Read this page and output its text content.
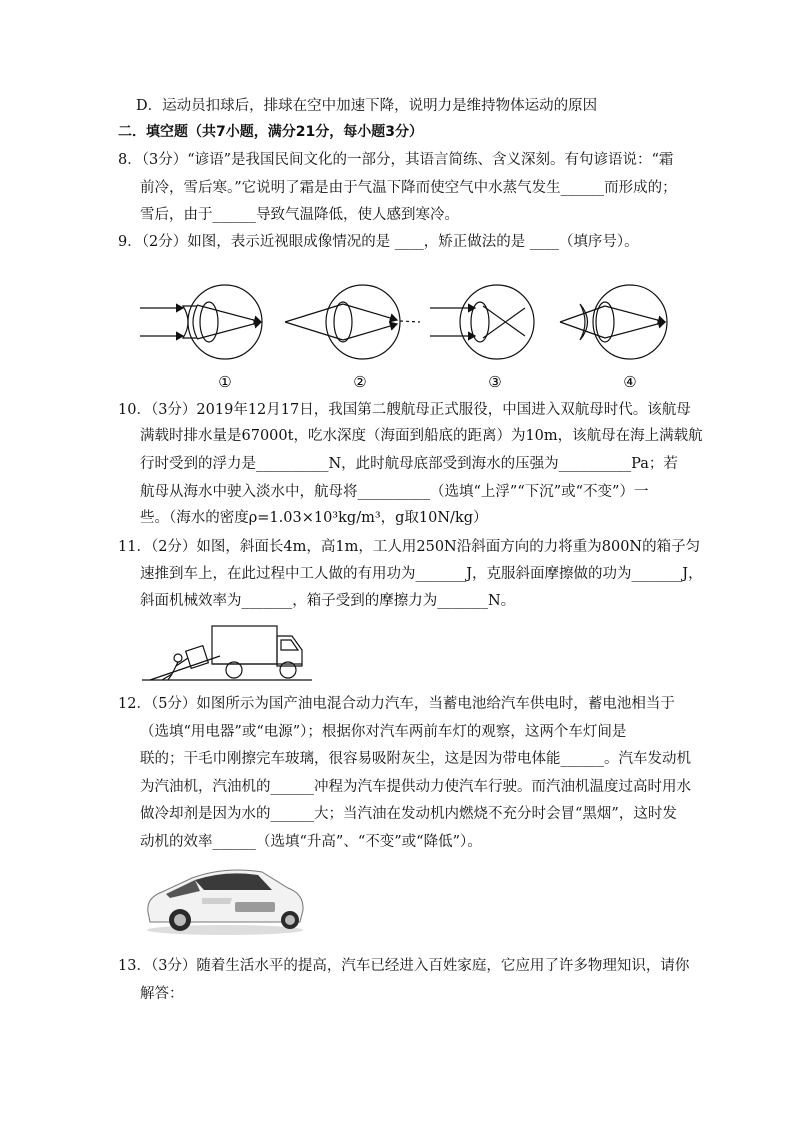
D．运动员扣球后，排球在空中加速下降，说明力是维持物体运动的原因
二．填空题（共7小题，满分21分，每小题3分）
8．（3分）“谚语”是我国民间文化的一部分，其语言简练、含义深刻。有句谚语说：“霜
前冷，雪后寒。”它说明了霜是由于气温下降而使空气中水蒸气发生______而形成的；
雪后，由于______导致气温降低，使人感到寒冷。
9．（2分）如图，表示近视眼成像情况的是 ____，矫正做法的是 ____（填序号）。
①	②	③	④
10．（3分）2019年12月17日，我国第二艘航母正式服役，中国进入双航母时代。该航母
满载时排水量是67000t，吃水深度（海面到船底的距离）为10m，该航母在海上满载航
行时受到的浮力是__________N，此时航母底部受到海水的压强为__________Pa；若
航母从海水中驶入淡水中，航母将__________（选填“上浮”“下沉”或“不变”）一
些。（海水的密度ρ=1.03×10³kg/m³，g取10N/kg）
11．（2分）如图，斜面长4m，高1m，工人用250N沿斜面方向的力将重为800N的箱子匀
速推到车上，在此过程中工人做的有用功为_______J，克服斜面摩擦做的功为_______J，
斜面机械效率为_______，箱子受到的摩擦力为_______N。
12．（5分）如图所示为国产油电混合动力汽车，当蓄电池给汽车供电时，蓄电池相当于
（选填“用电器”或“电源”）；根据你对汽车两前车灯的观察，这两个车灯间是
联的；干毛巾刚擦完车玻璃，很容易吸附灰尘，这是因为带电体能______。汽车发动机
为汽油机，汽油机的______冲程为汽车提供动力使汽车行驶。而汽油机温度过高时用水
做冷却剂是因为水的______大；当汽油在发动机内燃烧不充分时会冒“黑烟”，这时发
动机的效率______（选填“升高”、“不变”或“降低”）。
13．（3分）随着生活水平的提高，汽车已经进入百姓家庭，它应用了许多物理知识，请你
解答：
